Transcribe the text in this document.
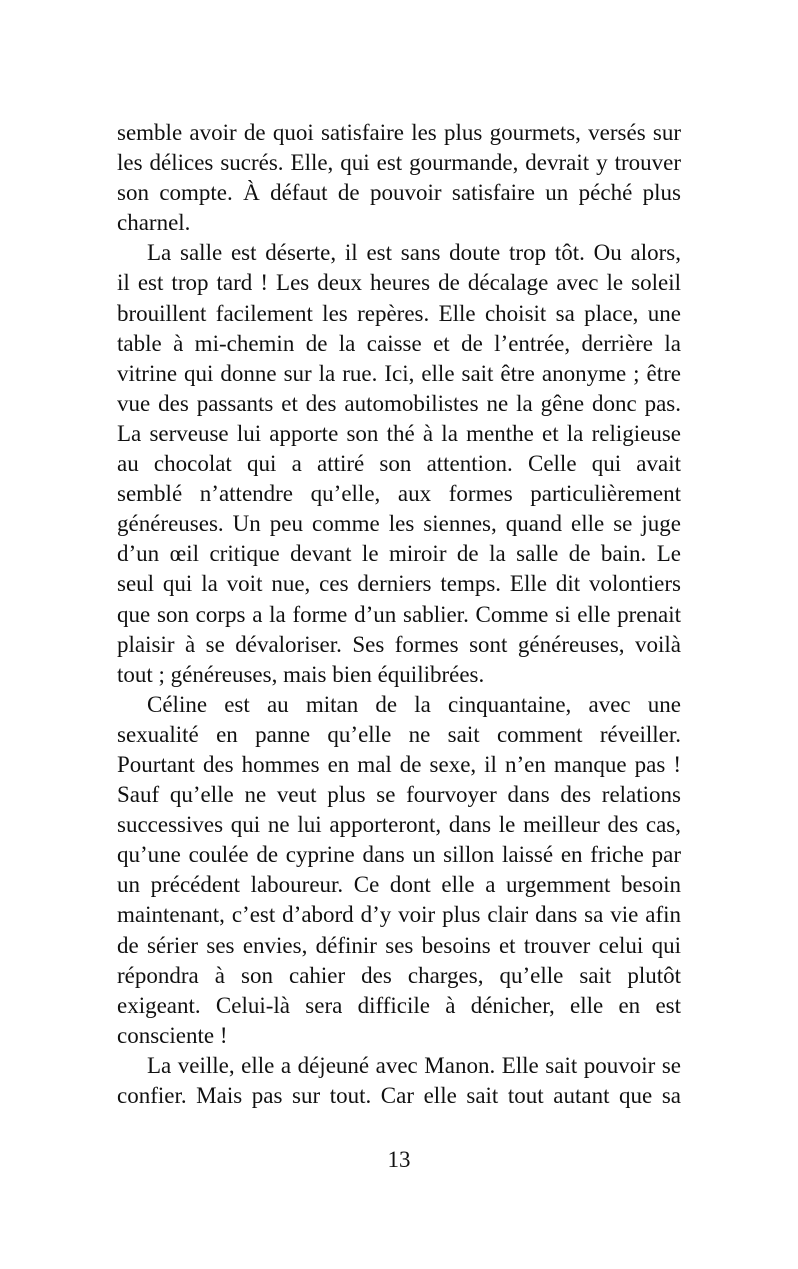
semble avoir de quoi satisfaire les plus gourmets, versés sur
les délices sucrés. Elle, qui est gourmande, devrait y trouver
son compte. À défaut de pouvoir satisfaire un péché plus
charnel.
La salle est déserte, il est sans doute trop tôt. Ou alors,
il est trop tard ! Les deux heures de décalage avec le soleil
brouillent facilement les repères. Elle choisit sa place, une
table à mi-chemin de la caisse et de l’entrée, derrière la
vitrine qui donne sur la rue. Ici, elle sait être anonyme ; être
vue des passants et des automobilistes ne la gêne donc pas.
La serveuse lui apporte son thé à la menthe et la religieuse
au chocolat qui a attiré son attention. Celle qui avait
semblé n’attendre qu’elle, aux formes particulièrement
généreuses. Un peu comme les siennes, quand elle se juge
d’un œil critique devant le miroir de la salle de bain. Le
seul qui la voit nue, ces derniers temps. Elle dit volontiers
que son corps a la forme d’un sablier. Comme si elle prenait
plaisir à se dévaloriser. Ses formes sont généreuses, voilà
tout ; généreuses, mais bien équilibrées.
Céline est au mitan de la cinquantaine, avec une
sexualité en panne qu’elle ne sait comment réveiller.
Pourtant des hommes en mal de sexe, il n’en manque pas !
Sauf qu’elle ne veut plus se fourvoyer dans des relations
successives qui ne lui apporteront, dans le meilleur des cas,
qu’une coulée de cyprine dans un sillon laissé en friche par
un précédent laboureur. Ce dont elle a urgemment besoin
maintenant, c’est d’abord d’y voir plus clair dans sa vie afin
de sérier ses envies, définir ses besoins et trouver celui qui
répondra à son cahier des charges, qu’elle sait plutôt
exigeant. Celui-là sera difficile à dénicher, elle en est
consciente !
La veille, elle a déjeuné avec Manon. Elle sait pouvoir se
confier. Mais pas sur tout. Car elle sait tout autant que sa
13
